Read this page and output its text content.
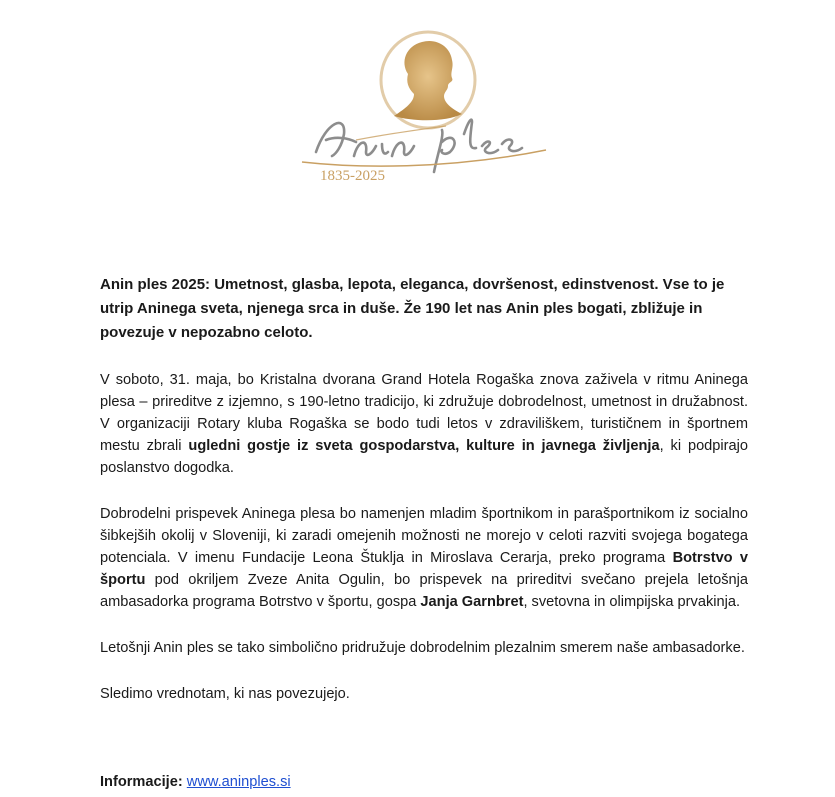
1835-2025

Anin ples 2025: Umetnost, glasba, lepota, eleganca, dovršenost, edinstvenost. Vse to je utrip Aninega sveta, njenega srca in duše. Že 190 let nas Anin ples bogati, zbližuje in povezuje v nepozabno celoto.

V soboto, 31. maja, bo Kristalna dvorana Grand Hotela Rogaška znova zaživela v ritmu Aninega plesa – prireditve z izjemno, s 190-letno tradicijo, ki združuje dobrodelnost, umetnost in družabnost. V organizaciji Rotary kluba Rogaška se bodo tudi letos v zdraviliškem, turističnem in športnem mestu zbrali ugledni gostje iz sveta gospodarstva, kulture in javnega življenja, ki podpirajo poslanstvo dogodka.

Dobrodelni prispevek Aninega plesa bo namenjen mladim športnikom in parašportnikom iz socialno šibkejših okolij v Sloveniji, ki zaradi omejenih možnosti ne morejo v celoti razviti svojega bogatega potenciala. V imenu Fundacije Leona Štuklja in Miroslava Cerarja, preko programa Botrstvo v športu pod okriljem Zveze Anita Ogulin, bo prispevek na prireditvi svečano prejela letošnja ambasadorka programa Botrstvo v športu, gospa Janja Garnbret, svetovna in olimpijska prvakinja.

Letošnji Anin ples se tako simbolično pridružuje dobrodelnim plezalnim smerem naše ambasadorke.

Sledimo vrednotam, ki nas povezujejo.

Informacije: www.aninples.si
